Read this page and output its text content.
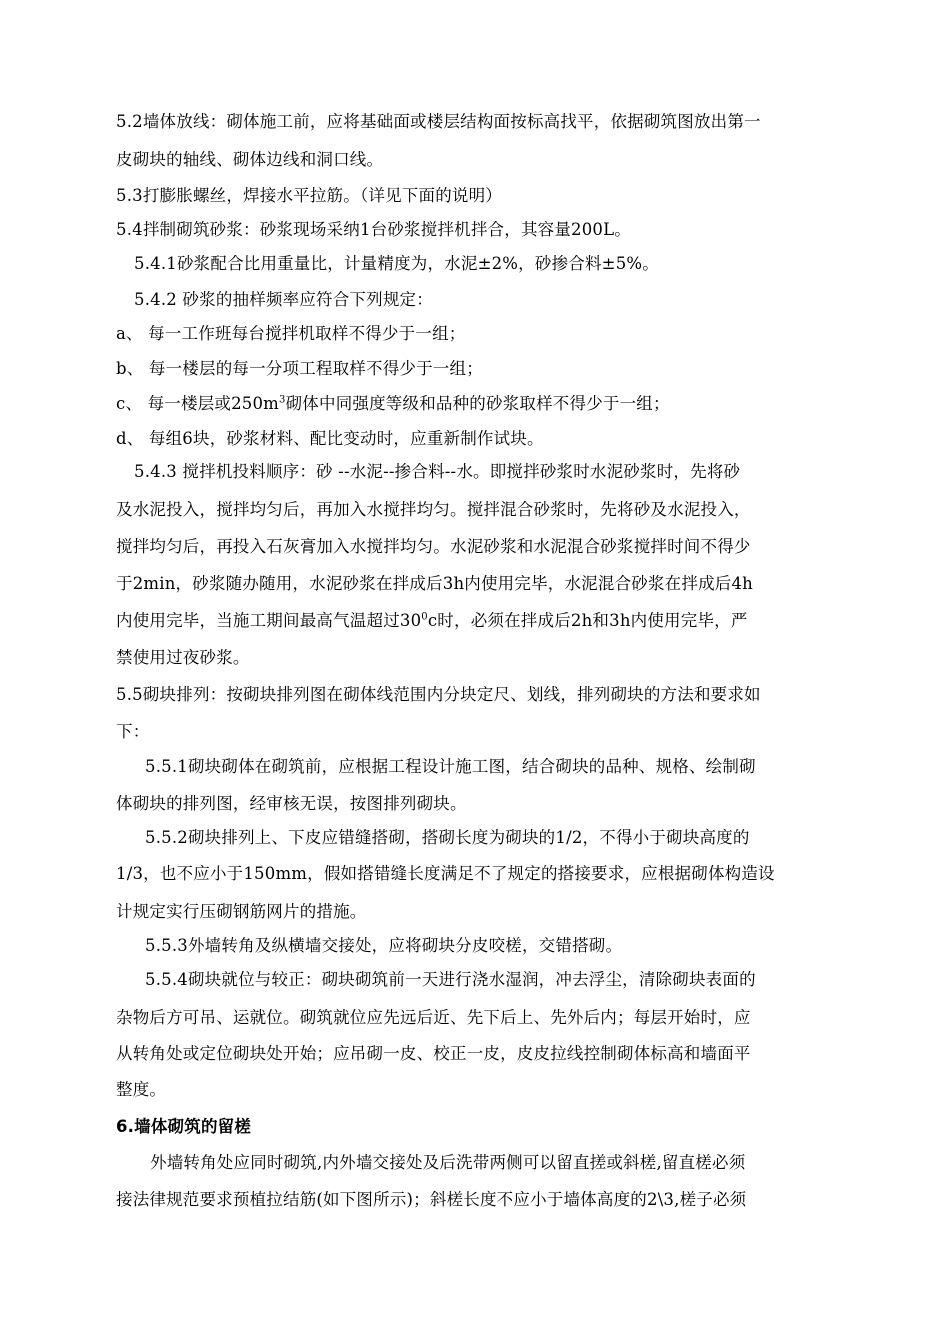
5.2墙体放线：砌体施工前，应将基础面或楼层结构面按标高找平，依据砌筑图放出第一
皮砌块的轴线、砌体边线和洞口线。
5.3打膨胀螺丝，焊接水平拉筋。（详见下面的说明）
5.4拌制砌筑砂浆：砂浆现场采纳1台砂浆搅拌机拌合，其容量200L。
5.4.1砂浆配合比用重量比，计量精度为，水泥±2%，砂掺合料±5%。
5.4.2 砂浆的抽样频率应符合下列规定：
a、 每一工作班每台搅拌机取样不得少于一组；
b、 每一楼层的每一分项工程取样不得少于一组；
c、 每一楼层或$250m^3$砌体中同强度等级和品种的砂浆取样不得少于一组；
d、 每组6块，砂浆材料、配比变动时，应重新制作试块。
5.4.3 搅拌机投料顺序：砂 --水泥--掺合料--水。即搅拌砂浆时水泥砂浆时，先将砂
及水泥投入，搅拌均匀后，再加入水搅拌均匀。搅拌混合砂浆时，先将砂及水泥投入，
搅拌均匀后，再投入石灰膏加入水搅拌均匀。水泥砂浆和水泥混合砂浆搅拌时间不得少
于2min，砂浆随办随用，水泥砂浆在拌成后3h内使用完毕，水泥混合砂浆在拌成后4h
内使用完毕，当施工期间最高气温超过$30^0c$时，必须在拌成后2h和3h内使用完毕，严
禁使用过夜砂浆。
5.5砌块排列：按砌块排列图在砌体线范围内分块定尺、划线，排列砌块的方法和要求如
下：
5.5.1砌块砌体在砌筑前，应根据工程设计施工图，结合砌块的品种、规格、绘制砌
体砌块的排列图，经审核无误，按图排列砌块。
5.5.2砌块排列上、下皮应错缝搭砌，搭砌长度为砌块的1/2，不得小于砌块高度的
1/3，也不应小于150mm，假如搭错缝长度满足不了规定的搭接要求，应根据砌体构造设
计规定实行压砌钢筋网片的措施。
5.5.3外墙转角及纵横墙交接处，应将砌块分皮咬槎，交错搭砌。
5.5.4砌块就位与较正：砌块砌筑前一天进行浇水湿润，冲去浮尘，清除砌块表面的
杂物后方可吊、运就位。砌筑就位应先远后近、先下后上、先外后内；每层开始时，应
从转角处或定位砌块处开始；应吊砌一皮、校正一皮，皮皮拉线控制砌体标高和墙面平
整度。
6.墙体砌筑的留槎
外墙转角处应同时砌筑,内外墙交接处及后洗带两侧可以留直搓或斜槎,留直槎必须
接法律规范要求预植拉结筋(如下图所示)；斜槎长度不应小于墙体高度的2\3,槎子必须
